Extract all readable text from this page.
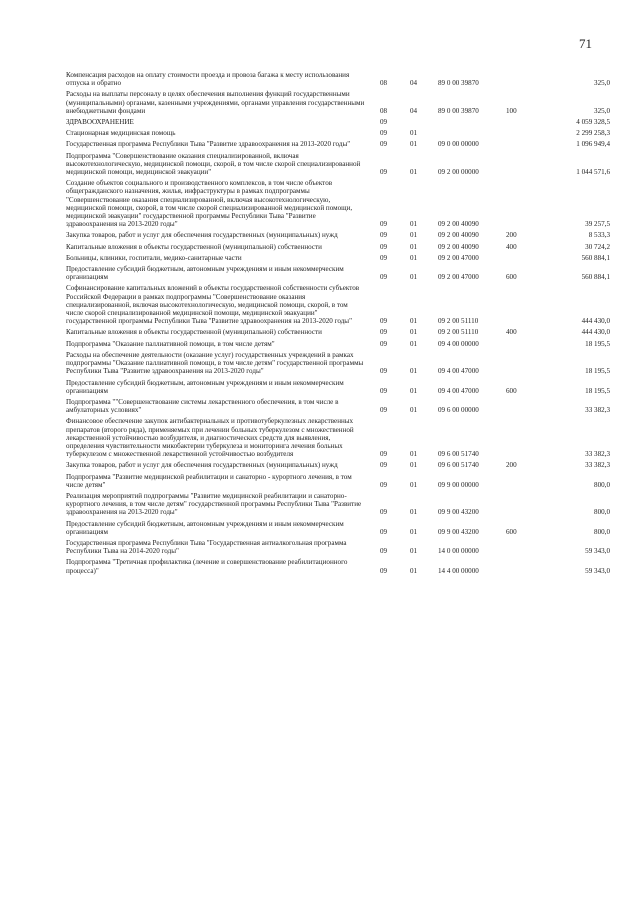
71
Компенсация расходов на оплату стоимости проезда и провоза багажа к месту использования отпуска и обратно	08	04	89 0 00 39870		325,0
Расходы на выплаты персоналу в целях обеспечения выполнения функций государственными (муниципальными) органами, казенными учреждениями, органами управления государственными внебюджетными фондами	08	04	89 0 00 39870	100	325,0
ЗДРАВООХРАНЕНИЕ	09				4 059 328,5
Стационарная медицинская помощь	09	01			2 299 258,3
Государственная программа Республики Тыва "Развитие здравоохранения на 2013-2020 годы"	09	01	09 0 00 00000		1 096 949,4
Подпрограмма "Совершенствование оказания специализированной, включая высокотехнологическую, медицинской помощи, скорой, в том числе скорой специализированной медицинской помощи, медицинской эвакуации"	09	01	09 2 00 00000		1 044 571,6
Создание объектов социального и производственного комплексов, в том числе объектов общегражданского назначения, жилья, инфраструктуры в рамках подпрограммы "Совершенствование оказания специализированной, включая высокотехнологическую, медицинской помощи, скорой, в том числе скорой специализированной медицинской помощи, медицинской эвакуации" государственной программы Республики Тыва "Развитие здравоохранения на 2013-2020 годы"	09	01	09 2 00 40090		39 257,5
Закупка товаров, работ и услуг для обеспечения государственных (муниципальных) нужд	09	01	09 2 00 40090	200	8 533,3
Капитальные вложения в объекты государственной (муниципальной) собственности	09	01	09 2 00 40090	400	30 724,2
Больницы, клиники, госпитали, медико-санитарные части	09	01	09 2 00 47000		560 884,1
Предоставление субсидий бюджетным, автономным учреждениям и иным некоммерческим организациям	09	01	09 2 00 47000	600	560 884,1
Софинансирование капитальных вложений в объекты государственной собственности субъектов Российской Федерации в рамках подпрограммы "Совершенствование оказания специализированной, включая высокотехнологическую, медицинской помощи, скорой, в том числе скорой специализированной медицинской помощи, медицинской эвакуации" государственной программы Республики Тыва "Развитие здравоохранения на 2013-2020 годы"	09	01	09 2 00 51110		444 430,0
Капитальные вложения в объекты государственной (муниципальной) собственности	09	01	09 2 00 51110	400	444 430,0
Подпрограмма "Оказание паллиативной помощи, в том числе детям"	09	01	09 4 00 00000		18 195,5
Расходы на обеспечение деятельности (оказание услуг) государственных учреждений в рамках подпрограммы "Оказание паллиативной помощи, в том числе детям" государственной программы Республики Тыва "Развитие здравоохранения на 2013-2020 годы"	09	01	09 4 00 47000		18 195,5
Предоставление субсидий бюджетным, автономным учреждениям и иным некоммерческим организациям	09	01	09 4 00 47000	600	18 195,5
Подпрограмма ""Совершенствование системы лекарственного обеспечения, в том числе в амбулаторных условиях"	09	01	09 6 00 00000		33 382,3
Финансовое обеспечение закупок антибактериальных и противотуберкулезных лекарственных препаратов (второго ряда), применяемых при лечении больных туберкулезом с множественной лекарственной устойчивостью возбудителя, и диагностических средств для выявления, определения чувствительности микобактерии туберкулеза и мониторинга лечения больных туберкулезом с множественной лекарственной устойчивостью возбудителя	09	01	09 6 00 51740		33 382,3
Закупка товаров, работ и услуг для обеспечения государственных (муниципальных) нужд	09	01	09 6 00 51740	200	33 382,3
Подпрограмма "Развитие медицинской реабилитации и санаторно - курортного лечения, в том числе детям"	09	01	09 9 00 00000		800,0
Реализация мероприятий подпрограммы "Развитие медицинской реабилитации и санаторно-курортного лечения, в том числе детям" государственной программы Республики Тыва "Развитие здравоохранения на 2013-2020 годы"	09	01	09 9 00 43200		800,0
Предоставление субсидий бюджетным, автономным учреждениям и иным некоммерческим организациям	09	01	09 9 00 43200	600	800,0
Государственная программа Республики Тыва "Государственная антиалкогольная программа Республики Тыва на 2014-2020 годы"	09	01	14 0 00 00000		59 343,0
Подпрограмма "Третичная профилактика (лечение и совершенствование реабилитационного процесса)"	09	01	14 4 00 00000		59 343,0
